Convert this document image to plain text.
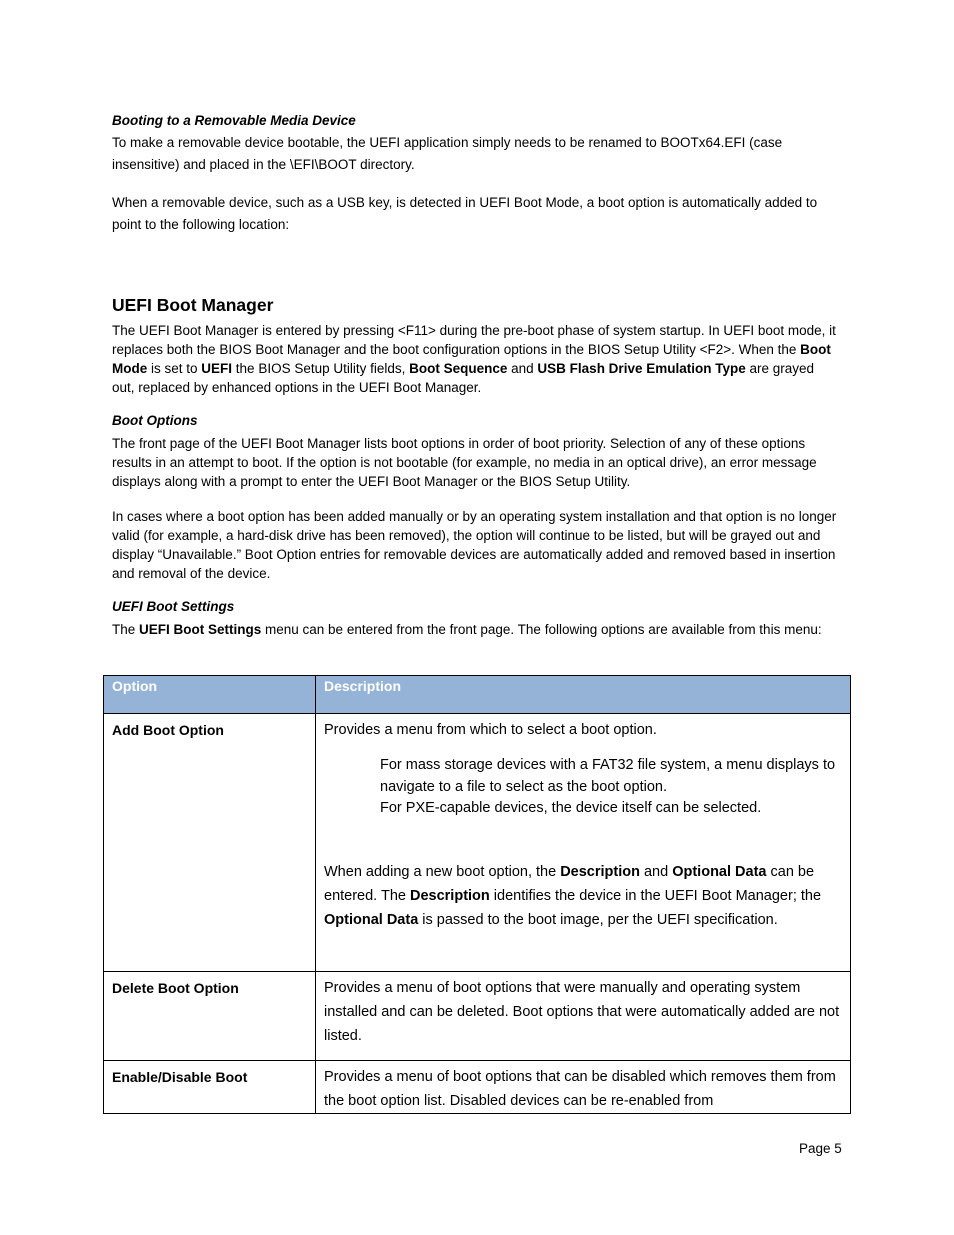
Booting to a Removable Media Device
To make a removable device bootable, the UEFI application simply needs to be renamed to BOOTx64.EFI (case insensitive) and placed in the \EFI\BOOT directory.
When a removable device, such as a USB key, is detected in UEFI Boot Mode, a boot option is automatically added to point to the following location:
UEFI Boot Manager
The UEFI Boot Manager is entered by pressing <F11> during the pre-boot phase of system startup. In UEFI boot mode, it replaces both the BIOS Boot Manager and the boot configuration options in the BIOS Setup Utility <F2>. When the Boot Mode is set to UEFI the BIOS Setup Utility fields, Boot Sequence and USB Flash Drive Emulation Type are grayed out, replaced by enhanced options in the UEFI Boot Manager.
Boot Options
The front page of the UEFI Boot Manager lists boot options in order of boot priority. Selection of any of these options results in an attempt to boot. If the option is not bootable (for example, no media in an optical drive), an error message displays along with a prompt to enter the UEFI Boot Manager or the BIOS Setup Utility.
In cases where a boot option has been added manually or by an operating system installation and that option is no longer valid (for example, a hard-disk drive has been removed), the option will continue to be listed, but will be grayed out and display “Unavailable.” Boot Option entries for removable devices are automatically added and removed based in insertion and removal of the device.
UEFI Boot Settings
The UEFI Boot Settings menu can be entered from the front page. The following options are available from this menu:
Option	Description
Add Boot Option	Provides a menu from which to select a boot option.
For mass storage devices with a FAT32 file system, a menu displays to navigate to a file to select as the boot option.
For PXE-capable devices, the device itself can be selected.
When adding a new boot option, the Description and Optional Data can be entered. The Description identifies the device in the UEFI Boot Manager; the Optional Data is passed to the boot image, per the UEFI specification.

Delete Boot Option	Provides a menu of boot options that were manually and operating system installed and can be deleted. Boot options that were automatically added are not listed.
Enable/Disable Boot	Provides a menu of boot options that can be disabled which removes them from the boot option list. Disabled devices can be re-enabled from
Page 5
